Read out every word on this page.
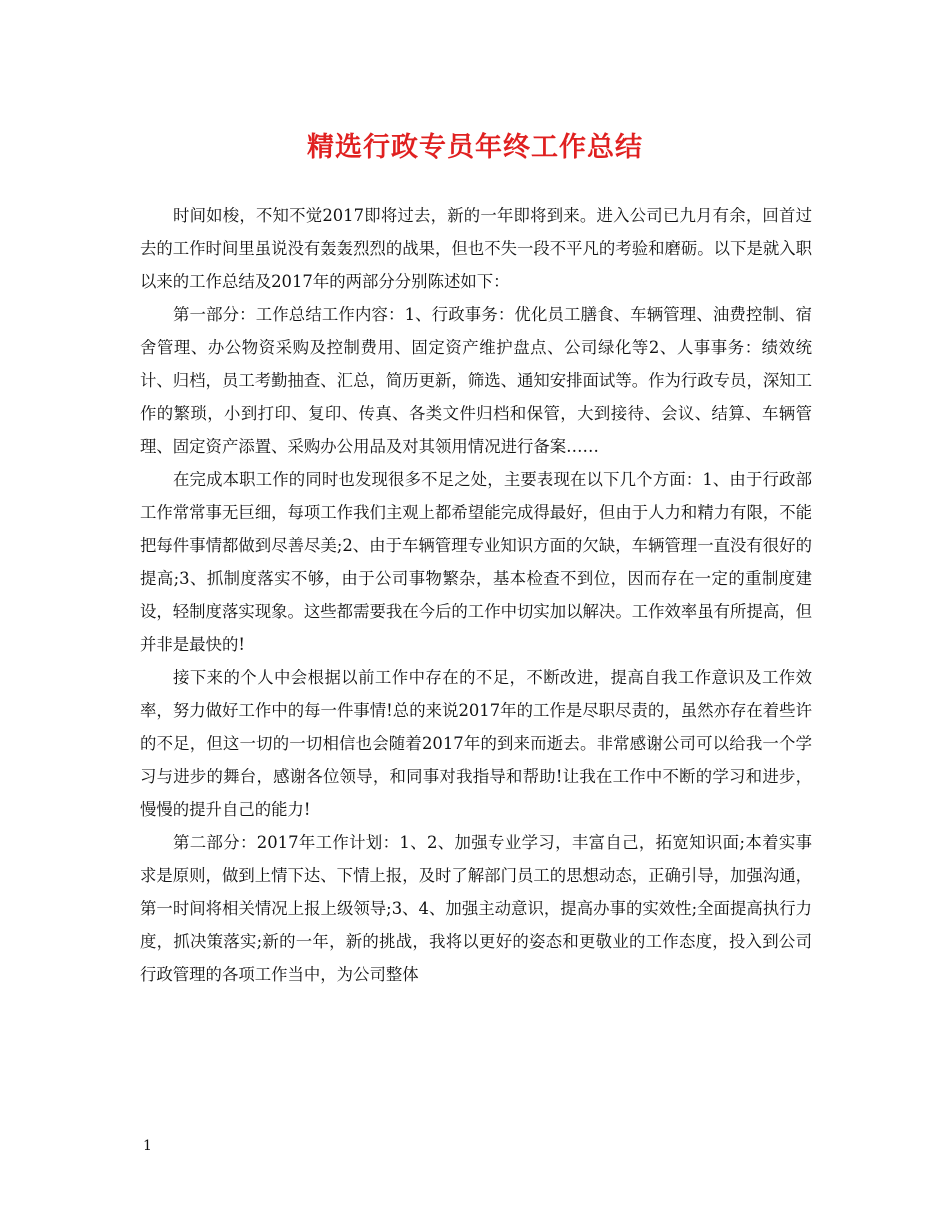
精选行政专员年终工作总结

时间如梭，不知不觉2017即将过去，新的一年即将到来。进入公司已九月有余，回首过去的工作时间里虽说没有轰轰烈烈的战果，但也不失一段不平凡的考验和磨砺。以下是就入职以来的工作总结及2017年的两部分分别陈述如下：

第一部分：工作总结工作内容：1、行政事务：优化员工膳食、车辆管理、油费控制、宿舍管理、办公物资采购及控制费用、固定资产维护盘点、公司绿化等2、人事事务：绩效统计、归档，员工考勤抽查、汇总，简历更新，筛选、通知安排面试等。作为行政专员，深知工作的繁琐，小到打印、复印、传真、各类文件归档和保管，大到接待、会议、结算、车辆管理、固定资产添置、采购办公用品及对其领用情况进行备案……

在完成本职工作的同时也发现很多不足之处，主要表现在以下几个方面：1、由于行政部工作常常事无巨细，每项工作我们主观上都希望能完成得最好，但由于人力和精力有限，不能把每件事情都做到尽善尽美;2、由于车辆管理专业知识方面的欠缺，车辆管理一直没有很好的提高;3、抓制度落实不够，由于公司事物繁杂，基本检查不到位，因而存在一定的重制度建设，轻制度落实现象。这些都需要我在今后的工作中切实加以解决。工作效率虽有所提高，但并非是最快的!

接下来的个人中会根据以前工作中存在的不足，不断改进，提高自我工作意识及工作效率，努力做好工作中的每一件事情!总的来说2017年的工作是尽职尽责的，虽然亦存在着些许的不足，但这一切的一切相信也会随着2017年的到来而逝去。非常感谢公司可以给我一个学习与进步的舞台，感谢各位领导，和同事对我指导和帮助!让我在工作中不断的学习和进步，慢慢的提升自己的能力!

第二部分：2017年工作计划：1、2、加强专业学习，丰富自己，拓宽知识面;本着实事求是原则，做到上情下达、下情上报，及时了解部门员工的思想动态，正确引导，加强沟通，第一时间将相关情况上报上级领导;3、4、加强主动意识，提高办事的实效性;全面提高执行力度，抓决策落实;新的一年，新的挑战，我将以更好的姿态和更敬业的工作态度，投入到公司行政管理的各项工作当中，为公司整体

1
